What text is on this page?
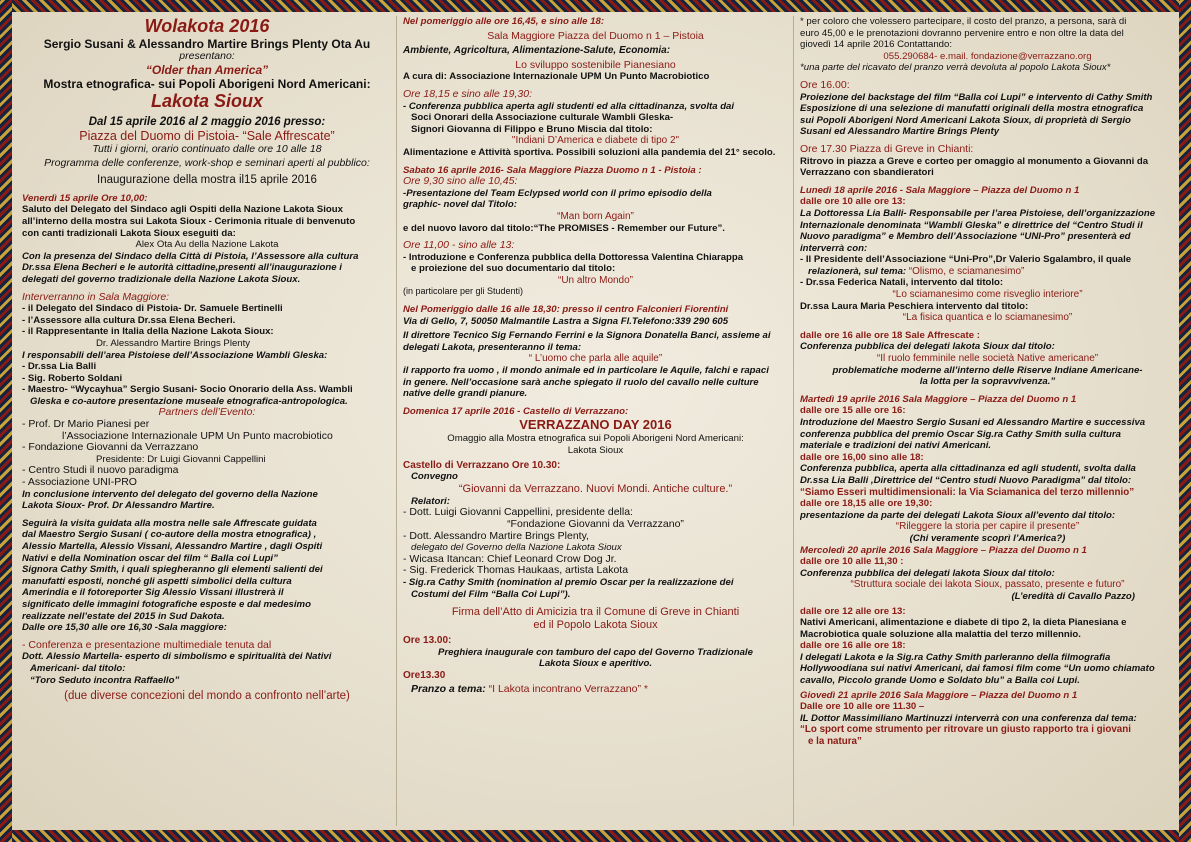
Wolakota 2016

Sergio Susani & Alessandro Martire Brings Plenty Ota Au

presentano:

“Older than America”

Mostra etnografica- sui Popoli Aborigeni Nord Americani:

Lakota Sioux

Dal 15 aprile 2016 al 2 maggio 2016 presso:

Piazza del Duomo di Pistoia- “Sale Affrescate”

Tutti i giorni, orario continuato dalle ore 10 alle 18

Programma delle conferenze, work-shop e seminari aperti al pubblico:

Inaugurazione della mostra il15 aprile 2016

Venerdì 15 aprile Ore 10,00:

Saluto del Delegato del Sindaco agli Ospiti della Nazione Lakota Sioux

all’interno della mostra sui Lakota Sioux - Cerimonia rituale di benvenuto

con canti tradizionali Lakota Sioux eseguiti da:

Alex Ota Au della Nazione Lakota

Con la presenza del Sindaco della Città di Pistoia, l’Assessore alla cultura

Dr.ssa Elena Becheri e le autorità cittadine,presenti all’inaugurazione i

delegati del governo tradizionale della Nazione Lakota Sioux.

Interverranno in Sala Maggiore:

- il Delegato del Sindaco di Pistoia- Dr. Samuele Bertinelli

- l’Assessore alla cultura Dr.ssa Elena Becheri.

- il Rappresentante in Italia della Nazione Lakota Sioux:

Dr. Alessandro Martire Brings Plenty

I responsabili dell’area Pistoiese dell’Associazione Wambli Gleska:

- Dr.ssa Lia Balli

- Sig. Roberto Soldani

- Maestro- “Wycayhua” Sergio Susani- Socio Onorario della Ass. Wambli

Gleska e co-autore presentazione museale etnografica-antropologica.

Partners dell’Evento:

- Prof. Dr Mario Pianesi per

l’Associazione Internazionale UPM Un Punto macrobiotico

- Fondazione Giovanni da Verrazzano

Presidente: Dr Luigi Giovanni Cappellini

- Centro Studi il nuovo paradigma

- Associazione UNI-PRO

In conclusione intervento del delegato del governo della Nazione

Lakota Sioux- Prof. Dr Alessandro Martire.

Seguirà la visita guidata alla mostra nelle sale Affrescate guidata

dal Maestro Sergio Susani ( co-autore della mostra etnografica) ,

Alessio Martella, Alessio Vissani, Alessandro Martire , dagli Ospiti

Nativi e della Nomination oscar del film “ Balla coi Lupi”

Signora Cathy Smith, i quali spiegheranno gli elementi salienti dei

manufatti esposti, nonché gli aspetti simbolici della cultura

Amerindia e il fotoreporter Sig Alessio Vissani illustrerà il

significato delle immagini fotografiche esposte e dal medesimo

realizzate nell’estate del 2015 in Sud Dakota.

Dalle ore 15,30 alle ore 16,30 -Sala maggiore:

- Conferenza e presentazione multimediale tenuta dal

Dott. Alessio Martella- esperto di simbolismo e spiritualità dei Nativi

Americani- dal titolo:

“Toro Seduto incontra Raffaello”

(due diverse concezioni del mondo a confronto nell’arte)

Nel pomeriggio alle ore 16,45, e sino alle 18:

Sala Maggiore Piazza del Duomo n 1 – Pistoia

Ambiente, Agricoltura, Alimentazione-Salute, Economia:

Lo sviluppo sostenibile Pianesiano

A cura di: Associazione Internazionale UPM Un Punto Macrobiotico

Ore 18,15 e sino alle 19,30:

- Conferenza pubblica aperta agli studenti ed alla cittadinanza, svolta dai

Soci Onorari della Associazione culturale Wambli Gleska-

Signori Giovanna di Filippo e Bruno Miscia dal titolo:

"Indiani D’America e diabete di tipo 2"

Alimentazione e Attività sportiva. Possibili soluzioni alla pandemia del 21° secolo.

Sabato 16 aprile 2016- Sala Maggiore Piazza Duomo n 1 - Pistoia :

Ore 9,30 sino alle 10,45:

-Presentazione del Team Eclypsed world con il primo episodio della

graphic- novel dal Titolo:

“Man born Again”

e del nuovo lavoro dal titolo:“The PROMISES - Remember our Future”.

Ore 11,00 - sino alle 13:

- Introduzione e Conferenza pubblica della Dottoressa Valentina Chiarappa

e proiezione del suo documentario dal titolo:

“Un altro Mondo”

(in particolare per gli Studenti)

Nel Pomeriggio dalle 16 alle 18,30: presso il centro Falconieri Fiorentini

Via di Gello, 7, 50050 Malmantile Lastra a Signa Fl.Telefono:339 290 605

Il direttore Tecnico Sig Fernando Ferrini e la Signora Donatella Banci, assieme ai

delegati Lakota, presenteranno il tema:

“ L’uomo che parla alle aquile”

il rapporto fra uomo , il mondo animale ed in particolare le Aquile, falchi e rapaci

in genere. Nell’occasione sarà anche spiegato il ruolo del cavallo nelle culture

native delle grandi pianure.

Domenica 17 aprile 2016 - Castello di Verrazzano:

VERRAZZANO DAY 2016

Omaggio alla Mostra etnografica sui Popoli Aborigeni Nord Americani:

Lakota Sioux

Castello di Verrazzano Ore 10.30:

Convegno

“Giovanni da Verrazzano. Nuovi Mondi. Antiche culture.”

Relatori:

- Dott. Luigi Giovanni Cappellini, presidente della:

“Fondazione Giovanni da Verrazzano”

- Dott. Alessandro Martire Brings Plenty,

delegato del Governo della Nazione Lakota Sioux

- Wicasa Itancan: Chief Leonard Crow Dog Jr.

- Sig. Frederick Thomas Haukaas, artista Lakota

- Sig.ra Cathy Smith (nomination al premio Oscar per la realizzazione dei

Costumi del Film “Balla Coi Lupi”).

Firma dell’Atto di Amicizia tra il Comune di Greve in Chianti

ed il Popolo Lakota Sioux

Ore 13.00:

Preghiera inaugurale con tamburo del capo del Governo Tradizionale

Lakota Sioux e aperitivo.

Ore13.30

Pranzo a tema: “I Lakota incontrano Verrazzano” *

* per coloro che volessero partecipare, il costo del pranzo, a persona, sarà di

euro 45,00 e le prenotazioni dovranno pervenire entro e non oltre la data del

giovedì 14 aprile 2016 Contattando:

055.290684- e.mail. fondazione@verrazzano.org

*una parte del ricavato del pranzo verrà devoluta al popolo Lakota Sioux*

Ore 16.00:

Proiezione del backstage del film “Balla coi Lupi” e intervento di Cathy Smith

Esposizione di una selezione di manufatti originali della mostra etnografica

sui Popoli Aborigeni Nord Americani Lakota Sioux, di proprietà di Sergio

Susani ed Alessandro Martire Brings Plenty

Ore 17.30 Piazza di Greve in Chianti:

Ritrovo in piazza a Greve e corteo per omaggio al monumento a Giovanni da

Verrazzano con sbandieratori

Lunedì 18 aprile 2016 - Sala Maggiore – Piazza del Duomo n 1

dalle ore 10 alle ore 13:

La Dottoressa Lia Balli- Responsabile per l’area Pistoiese, dell’organizzazione

Internazionale denominata “Wambli Gleska” e direttrice del “Centro Studi il

Nuovo paradigma” e Membro dell’Associazione “UNI-Pro” presenterà ed

interverrà con:

- Il Presidente dell’Associazione “Uni-Pro”,Dr Valerio Sgalambro, il quale

relazionerà, sul tema: “Olismo, e sciamanesimo”

- Dr.ssa Federica Natali, intervento dal titolo:

“Lo sciamanesimo come risveglio interiore”

Dr.ssa Laura Maria Peschiera intervento dal titolo:

“La fisica quantica e lo sciamanesimo”

dalle ore 16 alle ore 18 Sale Affrescate :

Conferenza pubblica dei delegati lakota Sioux dal titolo:

“Il ruolo femminile nelle società Native americane”

problematiche moderne all’interno delle Riserve Indiane Americane-

la lotta per la sopravvivenza.”

Martedì 19 aprile 2016 Sala Maggiore – Piazza del Duomo n 1

dalle ore 15 alle ore 16:

Introduzione del Maestro Sergio Susani ed Alessandro Martire e successiva

conferenza pubblica del premio Oscar Sig.ra Cathy Smith sulla cultura

materiale e tradizioni dei nativi Americani.

dalle ore 16,00 sino alle 18:

Conferenza pubblica, aperta alla cittadinanza ed agli studenti, svolta dalla

Dr.ssa Lia Balli ,Direttrice del “Centro studi Nuovo Paradigma” dal titolo:

“Siamo Esseri multidimensionali: la Via Sciamanica del terzo millennio”

dalle ore 18,15 alle ore 19,30:

presentazione da parte dei delegati Lakota Sioux all’evento dal titolo:

“Rileggere la storia per capire il presente”

(Chi veramente scoprì l’America?)

Mercoledì 20 aprile 2016 Sala Maggiore – Piazza del Duomo n 1

dalle ore 10 alle 11,30 :

Conferenza pubblica dei delegati lakota Sioux dal titolo:

“Struttura sociale dei lakota Sioux, passato, presente e futuro”

(L’eredità di Cavallo Pazzo)

dalle ore 12 alle ore 13:

Nativi Americani, alimentazione e diabete di tipo 2, la dieta Pianesiana e

Macrobiotica quale soluzione alla malattia del terzo millennio.

dalle ore 16 alle ore 18:

I delegati Lakota e la Sig.ra Cathy Smith parleranno della filmografia

Hollywoodiana sui nativi Americani, dai famosi film come “Un uomo chiamato

cavallo, Piccolo grande Uomo e Soldato blu” a Balla coi Lupi.

Giovedì 21 aprile 2016 Sala Maggiore – Piazza del Duomo n 1

Dalle ore 10 alle ore 11.30 –

IL Dottor Massimiliano Martinuzzi interverrà con una conferenza dal tema:

“Lo sport come strumento per ritrovare un giusto rapporto tra i giovani

e la natura”
